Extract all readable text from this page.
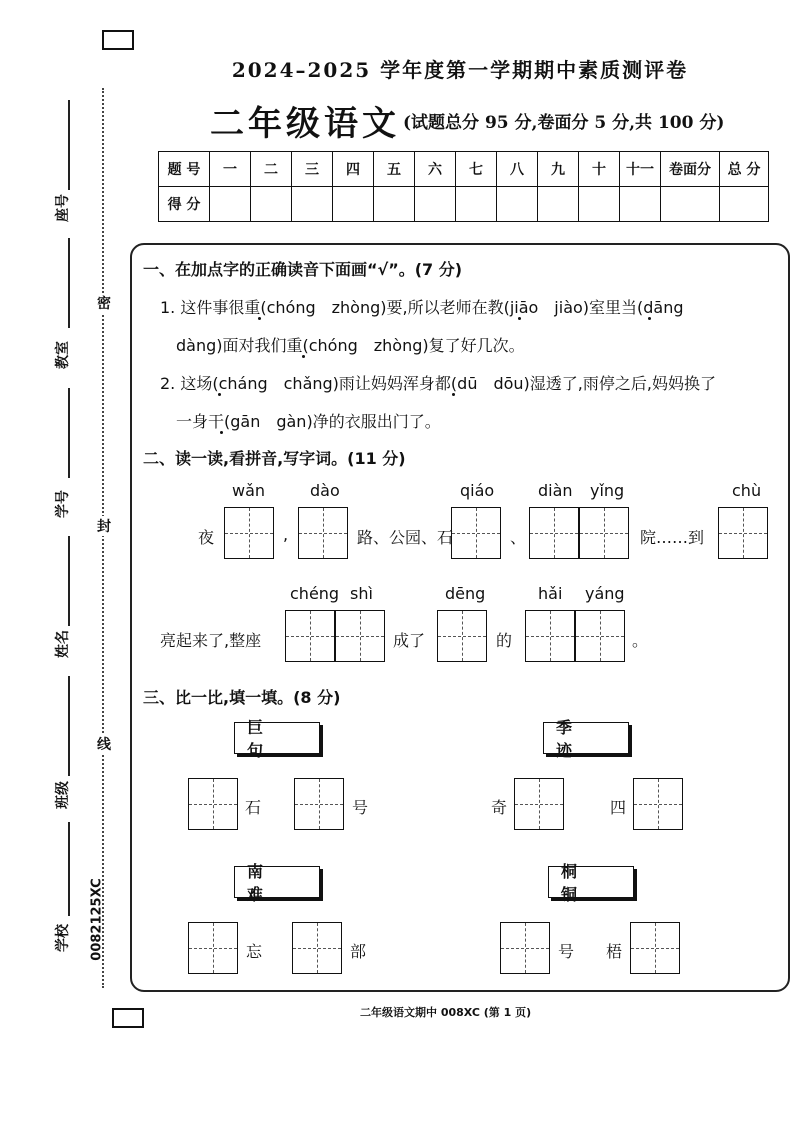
2024–2025 学年度第一学期期中素质测评卷
二年级语文 (试题总分 95 分,卷面分 5 分,共 100 分)
题 号	一	二	三	四	五	六	七	八	九	十	十一	卷面分	总 分
得 分													
座号
教室
学号
姓名
班级
学校 0082125XC
密
封
线
一、在加点字的正确读音下面画“√”。(7 分)
1. 这件事很重(chóng　zhòng)要,所以老师在教(jiāo　jiào)室里当(dāng
dàng)面对我们重(chóng　zhòng)复了好几次。
2. 这场(cháng　chǎng)雨让妈妈浑身都(dū　dōu)湿透了,雨停之后,妈妈换了
一身干(gān　gàn)净的衣服出门了。
二、读一读,看拼音,写字词。(11 分)
wǎn	dào	qiáo	diàn yǐng	chù
夜	,	路、公园、石	、	院……到
chéng shì	dēng	hǎi yáng
亮起来了,整座	成了	的	。
三、比一比,填一填。(8 分)
巨 句
季 迹
石	号	奇	四
南 难
桐 铜
忘	部	号 梧
二年级语文期中 008XC (第 1 页)
